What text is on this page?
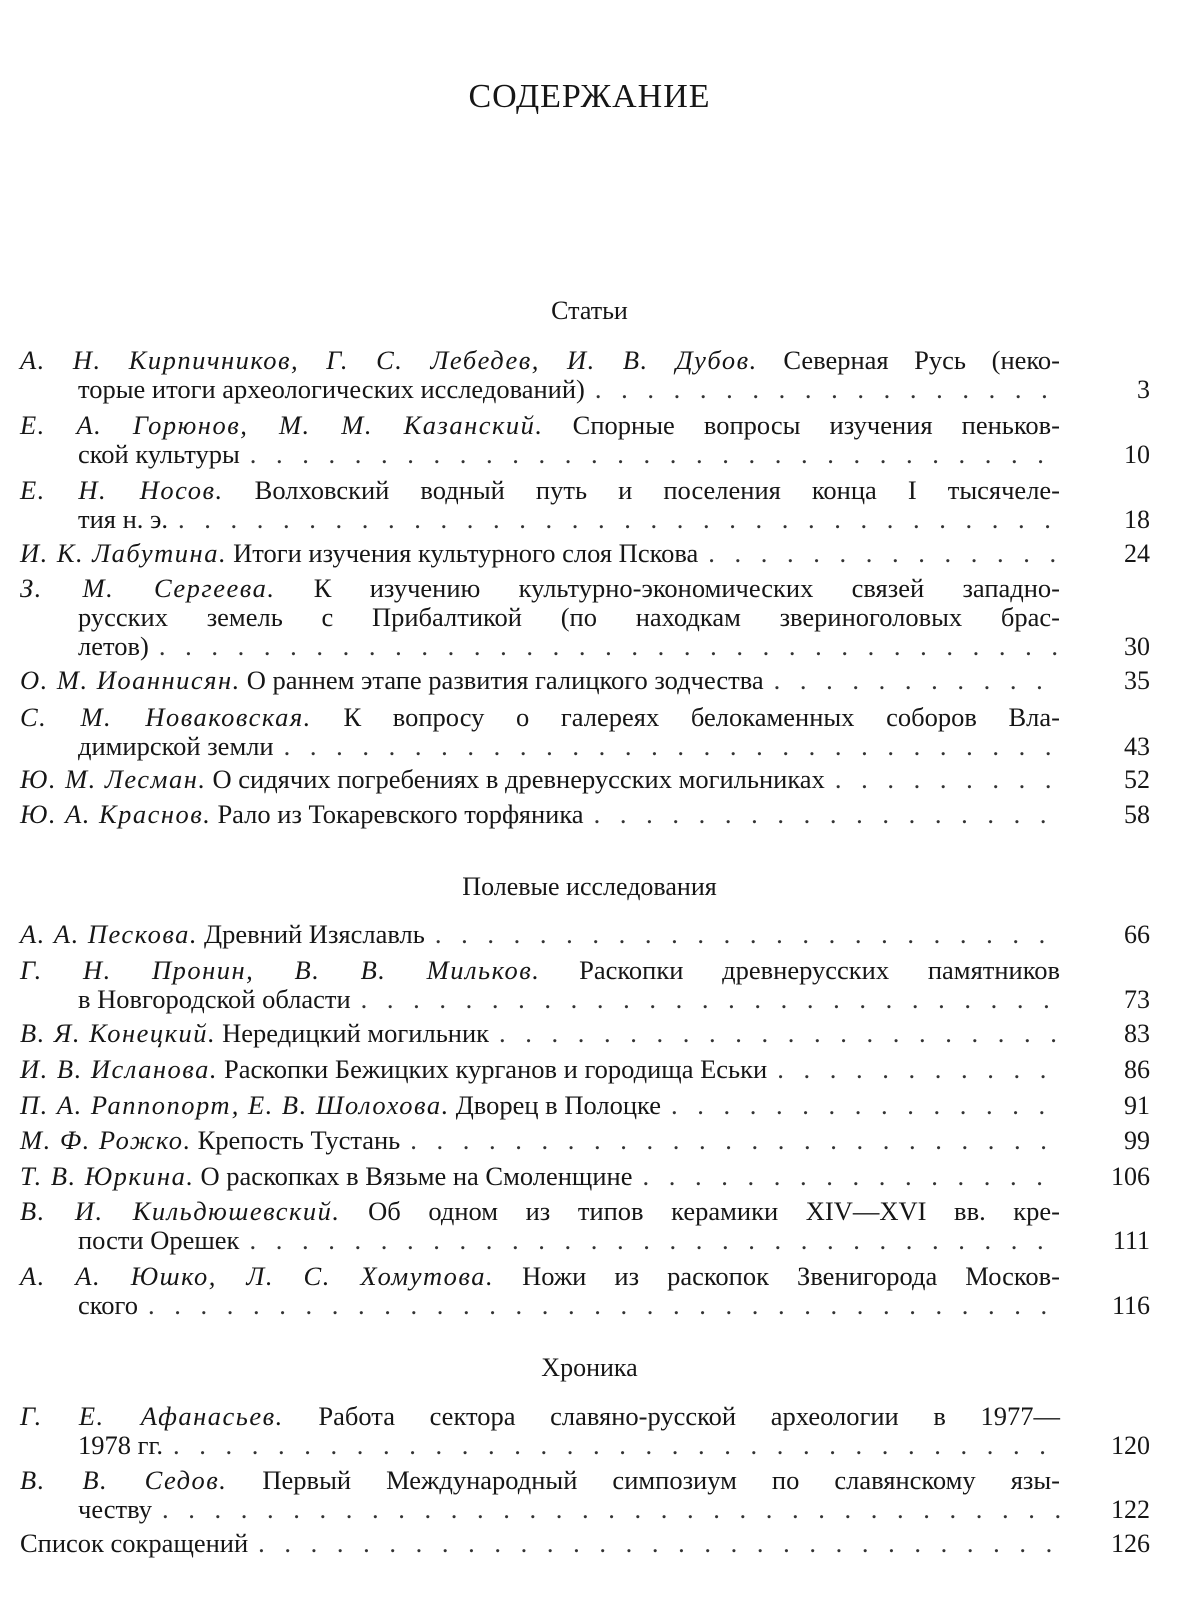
СОДЕРЖАНИЕ
Статьи
А. Н. Кирпичников, Г. С. Лебедев, И. В. Дубов. Северная Русь (неко-
торые итоги археологических исследований) . . .	3
Е. А. Горюнов, М. М. Казанский. Спорные вопросы изучения пеньков-
ской культуры . . .	10
Е. Н. Носов. Волховский водный путь и поселения конца I тысячеле-
тия н. э. . . .	18
И. К. Лабутина. Итоги изучения культурного слоя Пскова . . .	24
З. М. Сергеева. К изучению культурно-экономических связей западно-
русских земель с Прибалтикой (по находкам звериноголовых брас-
летов) . . .	30
О. М. Иоаннисян. О раннем этапе развития галицкого зодчества . . .	35
С. М. Новаковская. К вопросу о галереях белокаменных соборов Вла-
димирской земли . . .	43
Ю. М. Лесман. О сидячих погребениях в древнерусских могильниках . . .	52
Ю. А. Краснов. Рало из Токаревского торфяника . . .	58
Полевые исследования
А. А. Пескова. Древний Изяславль . . .	66
Г. Н. Пронин, В. В. Мильков. Раскопки древнерусских памятников
в Новгородской области . . .	73
В. Я. Конецкий. Нередицкий могильник . . .	83
И. В. Исланова. Раскопки Бежицких курганов и городища Еськи . . .	86
П. А. Раппопорт, Е. В. Шолохова. Дворец в Полоцке . . .	91
М. Ф. Рожко. Крепость Тустань . . .	99
Т. В. Юркина. О раскопках в Вязьме на Смоленщине . . .	106
В. И. Кильдюшевский. Об одном из типов керамики XIV—XVI вв. кре-
пости Орешек . . .	111
А. А. Юшко, Л. С. Хомутова. Ножи из раскопок Звенигорода Москов-
ского . . .	116
Хроника
Г. Е. Афанасьев. Работа сектора славяно-русской археологии в 1977—
1978 гг. . . .	120
В. В. Седов. Первый Международный симпозиум по славянскому язы-
честву . . .	122
Список сокращений . . .	126
